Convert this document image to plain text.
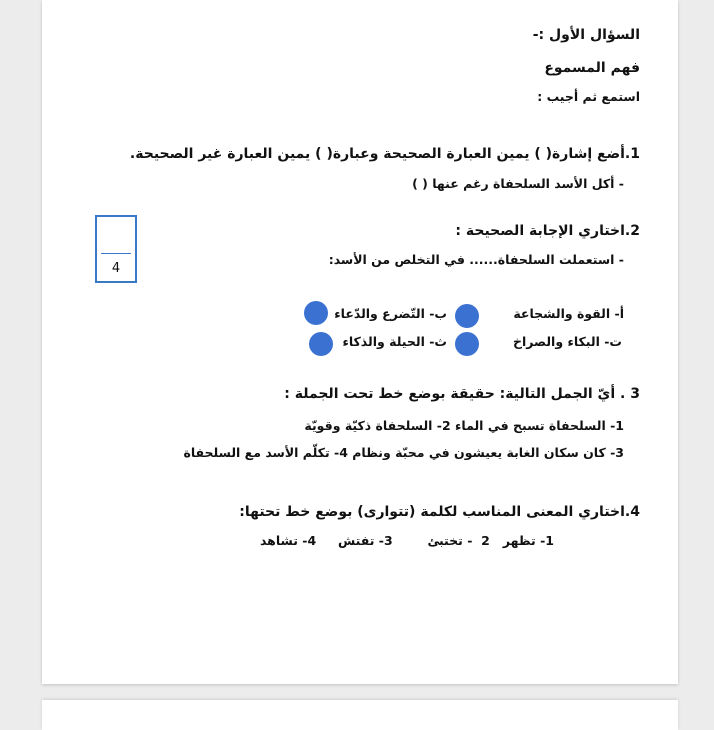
السؤال الأول :-
فهم المسموع
استمع ثم أجيب :
1.أضع إشارة( ) يمين العبارة الصحيحة وعبارة( ) يمين العبارة غير الصحيحة.
- أكل الأسد السلحفاة رغم عنها ( )
4
2.اختاري الإجابة الصحيحة :
- استعملت السلحفاة...... في التخلص من الأسد:
أ- القوة والشجاعة
ب- التّضرع والدّعاء
ت- البكاء والصراخ
ث- الحيلة والذكاء
3 . أيّ الجمل التالية: حقيقة بوضع خط تحت الجملة :
1- السلحفاة تسبح في الماء 2- السلحفاة ذكيّة وقويّة
3- كان سكان الغابة يعيشون في محبّة ونظام 4- تكلّم الأسد مع السلحفاة
4.اختاري المعنى المناسب لكلمة (تتوارى) بوضع خط تحتها:
1- تظهر   2  - تختبئ        3- تفتش     4- تشاهد
